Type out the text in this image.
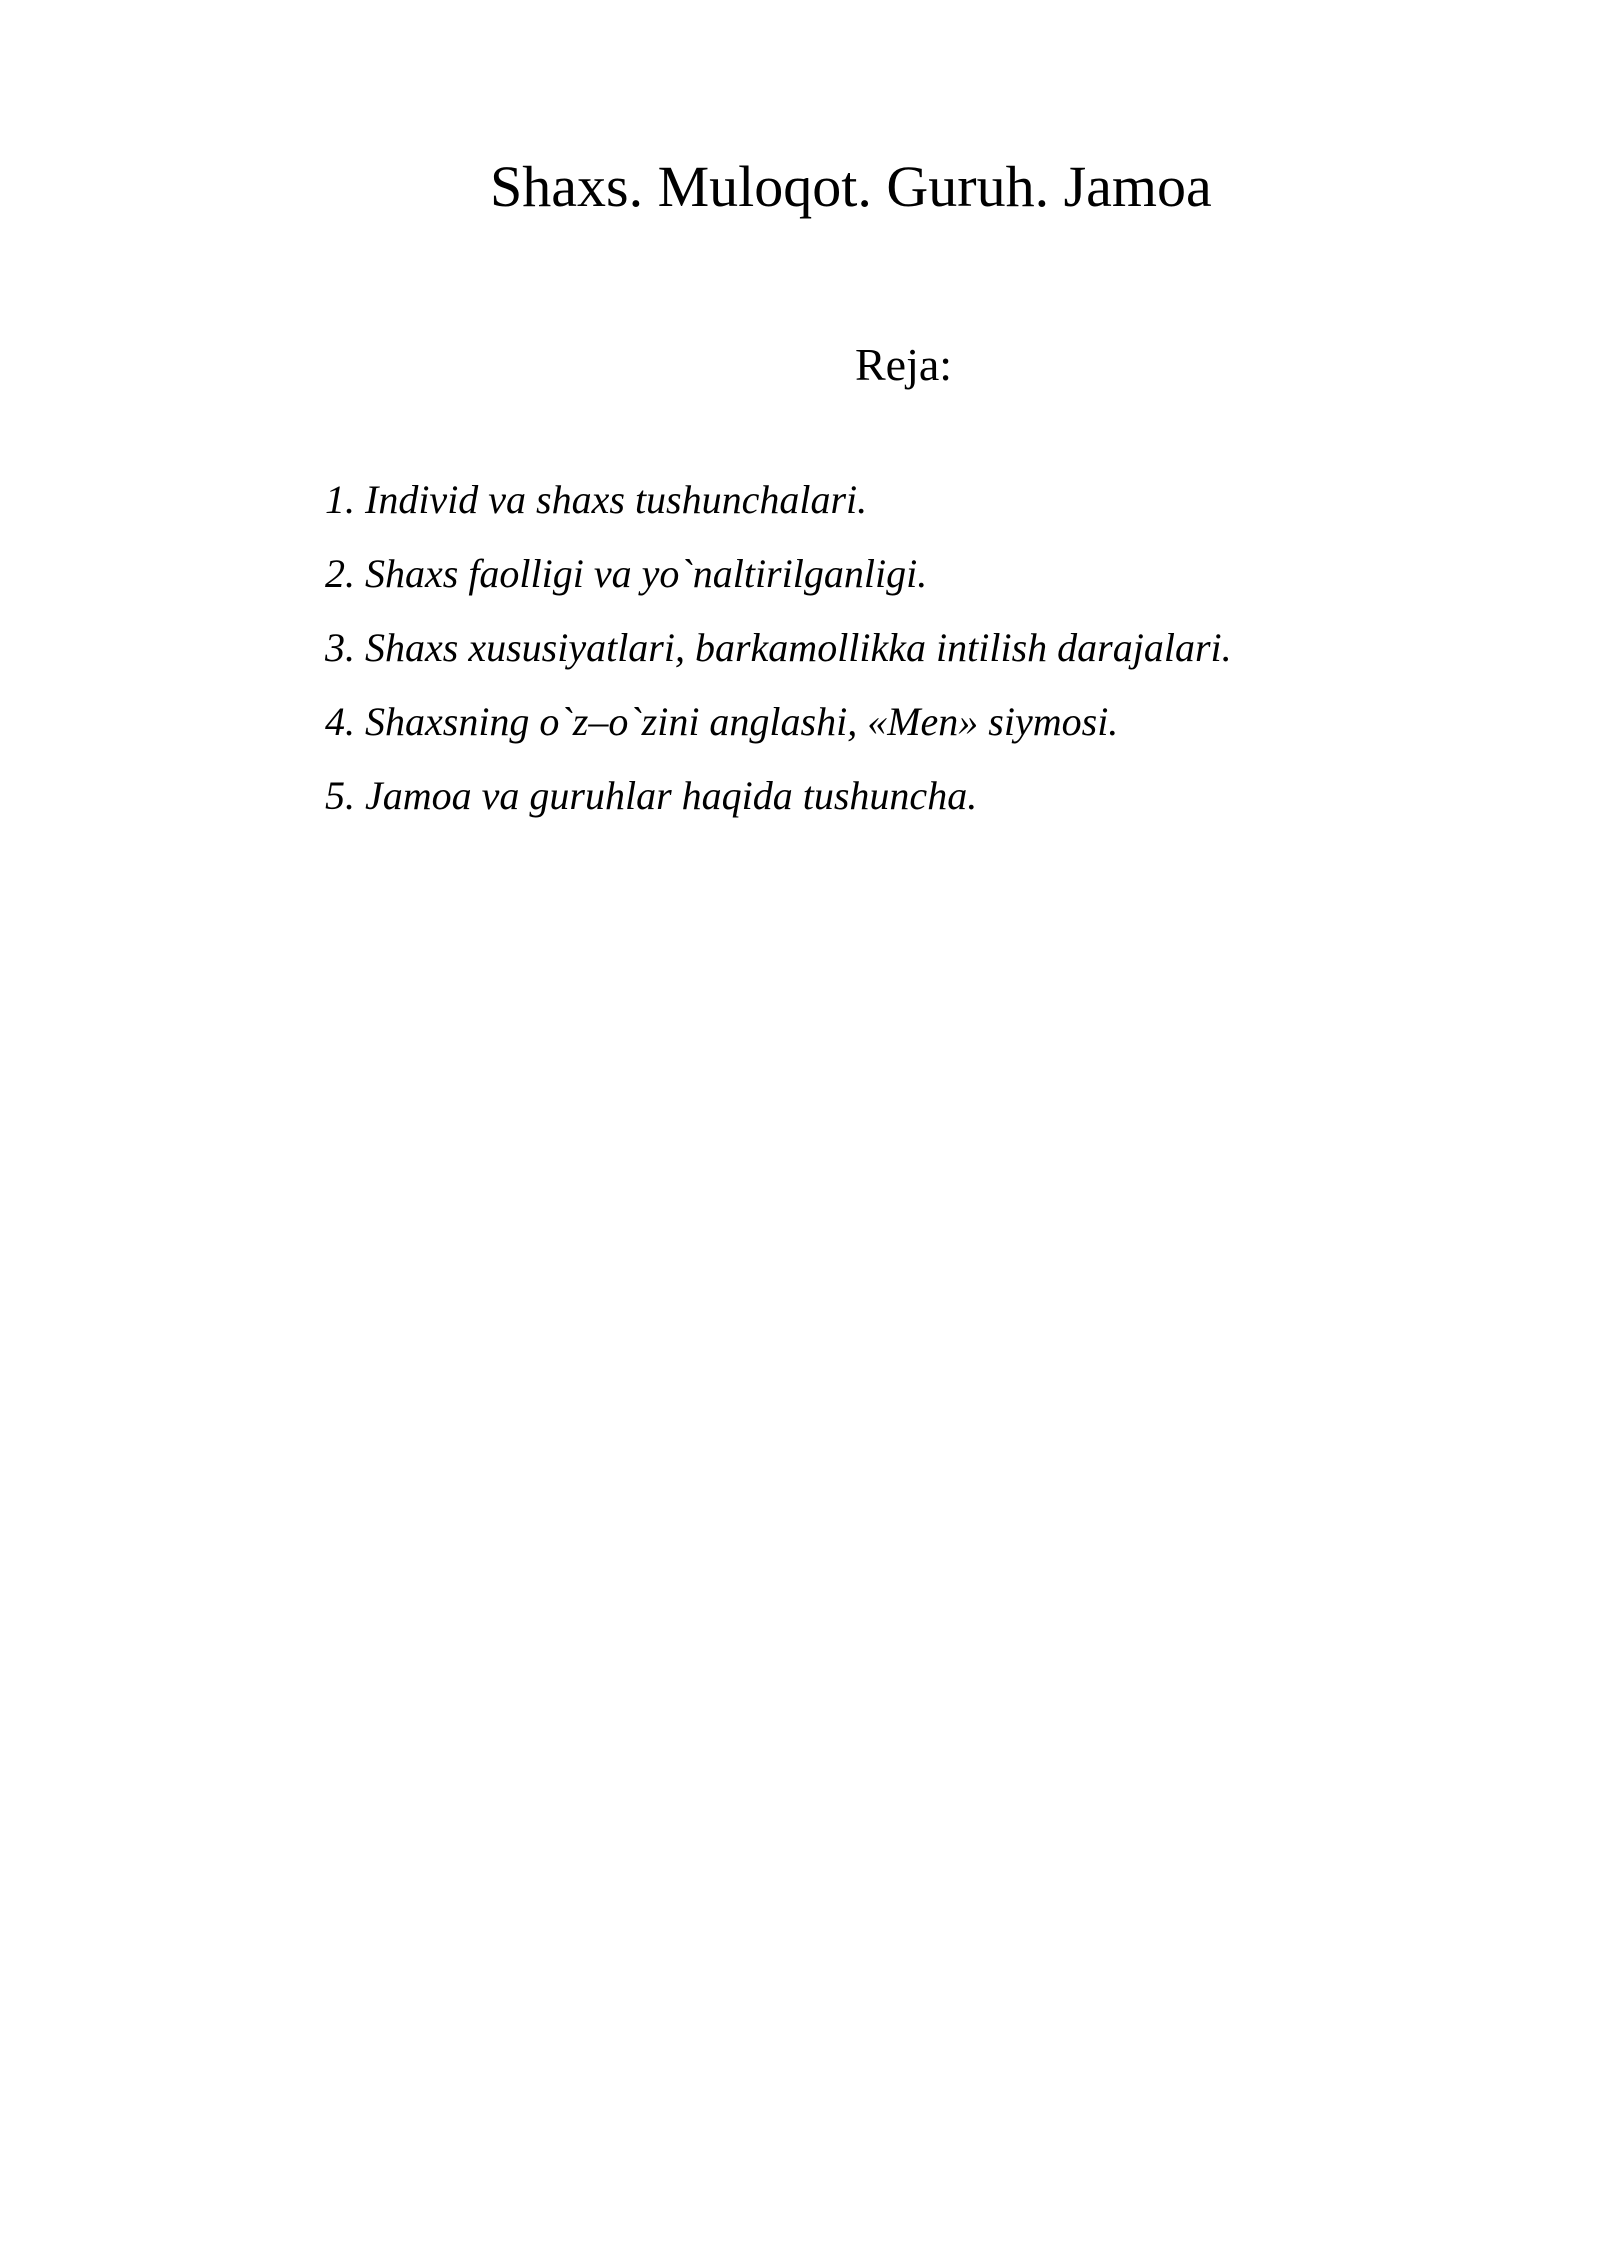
Shaxs. Muloqot. Guruh. Jamoa
Reja:
1. Individ va shaxs tushunchalari.
2. Shaxs faolligi va yo`naltirilganligi.
3. Shaxs xususiyatlari, barkamollikka intilish darajalari.
4. Shaxsning o`z–o`zini anglashi, «Men» siymosi.
5. Jamoa va guruhlar haqida tushuncha.
